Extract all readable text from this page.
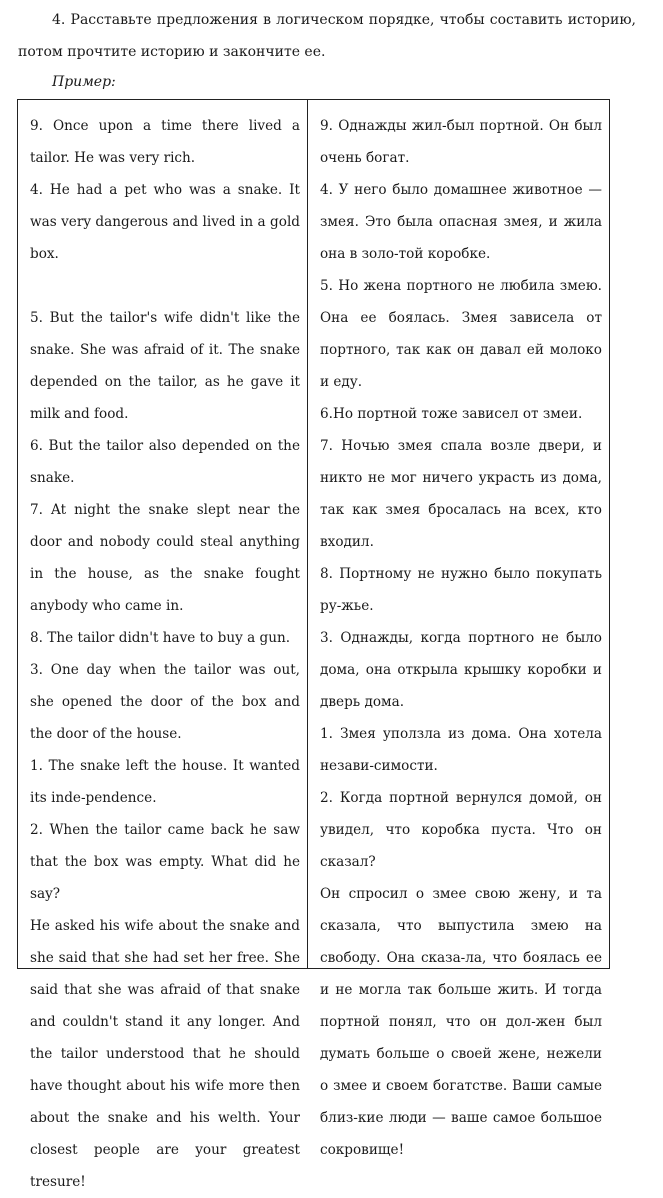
4. Расставьте предложения в логическом порядке, чтобы составить историю, потом прочтите историю и закончите ее.
Пример:

9. Once upon a time there lived a tailor. He was very rich.

4. He had a pet who was a snake. It was very dangerous and lived in a gold box.

5. But the tailor's wife didn't like the snake. She was afraid of it. The snake depended on the tailor, as he gave it milk and food.

6. But the tailor also depended on the snake.

7. At night the snake slept near the door and nobody could steal anything in the house, as the snake fought anybody who came in.

8. The tailor didn't have to buy a gun.

3. One day when the tailor was out, she opened the door of the box and the door of the house.

1. The snake left the house. It wanted its inde-pendence.

2. When the tailor came back he saw that the box was empty. What did he say?

He asked his wife about the snake and she said that she had set her free. She said that she was afraid of that snake and couldn't stand it any longer. And the tailor understood that he should have thought about his wife more then about the snake and his welth. Your closest people are your greatest tresure!

9. Однажды жил-был портной. Он был очень богат.

4. У него было домашнее животное — змея. Это была опасная змея, и жила она в золо-той коробке.

5. Но жена портного не любила змею. Она ее боялась. Змея зависела от портного, так как он давал ей молоко и еду.

6.Но портной тоже зависел от змеи.

7. Ночью змея спала возле двери, и никто не мог ничего украсть из дома, так как змея бросалась на всех, кто входил.

8. Портному не нужно было покупать ру-жье.

3. Однажды, когда портного не было дома, она открыла крышку коробки и дверь дома.

1. Змея уползла из дома. Она хотела незави-симости.

2. Когда портной вернулся домой, он увидел, что коробка пуста. Что он сказал?

Он спросил о змее свою жену, и та сказала, что выпустила змею на свободу. Она сказа-ла, что боялась ее и не могла так больше жить. И тогда портной понял, что он дол-жен был думать больше о своей жене, нежели о змее и своем богатстве. Ваши самые близ-кие люди — ваше самое большое сокровище!
